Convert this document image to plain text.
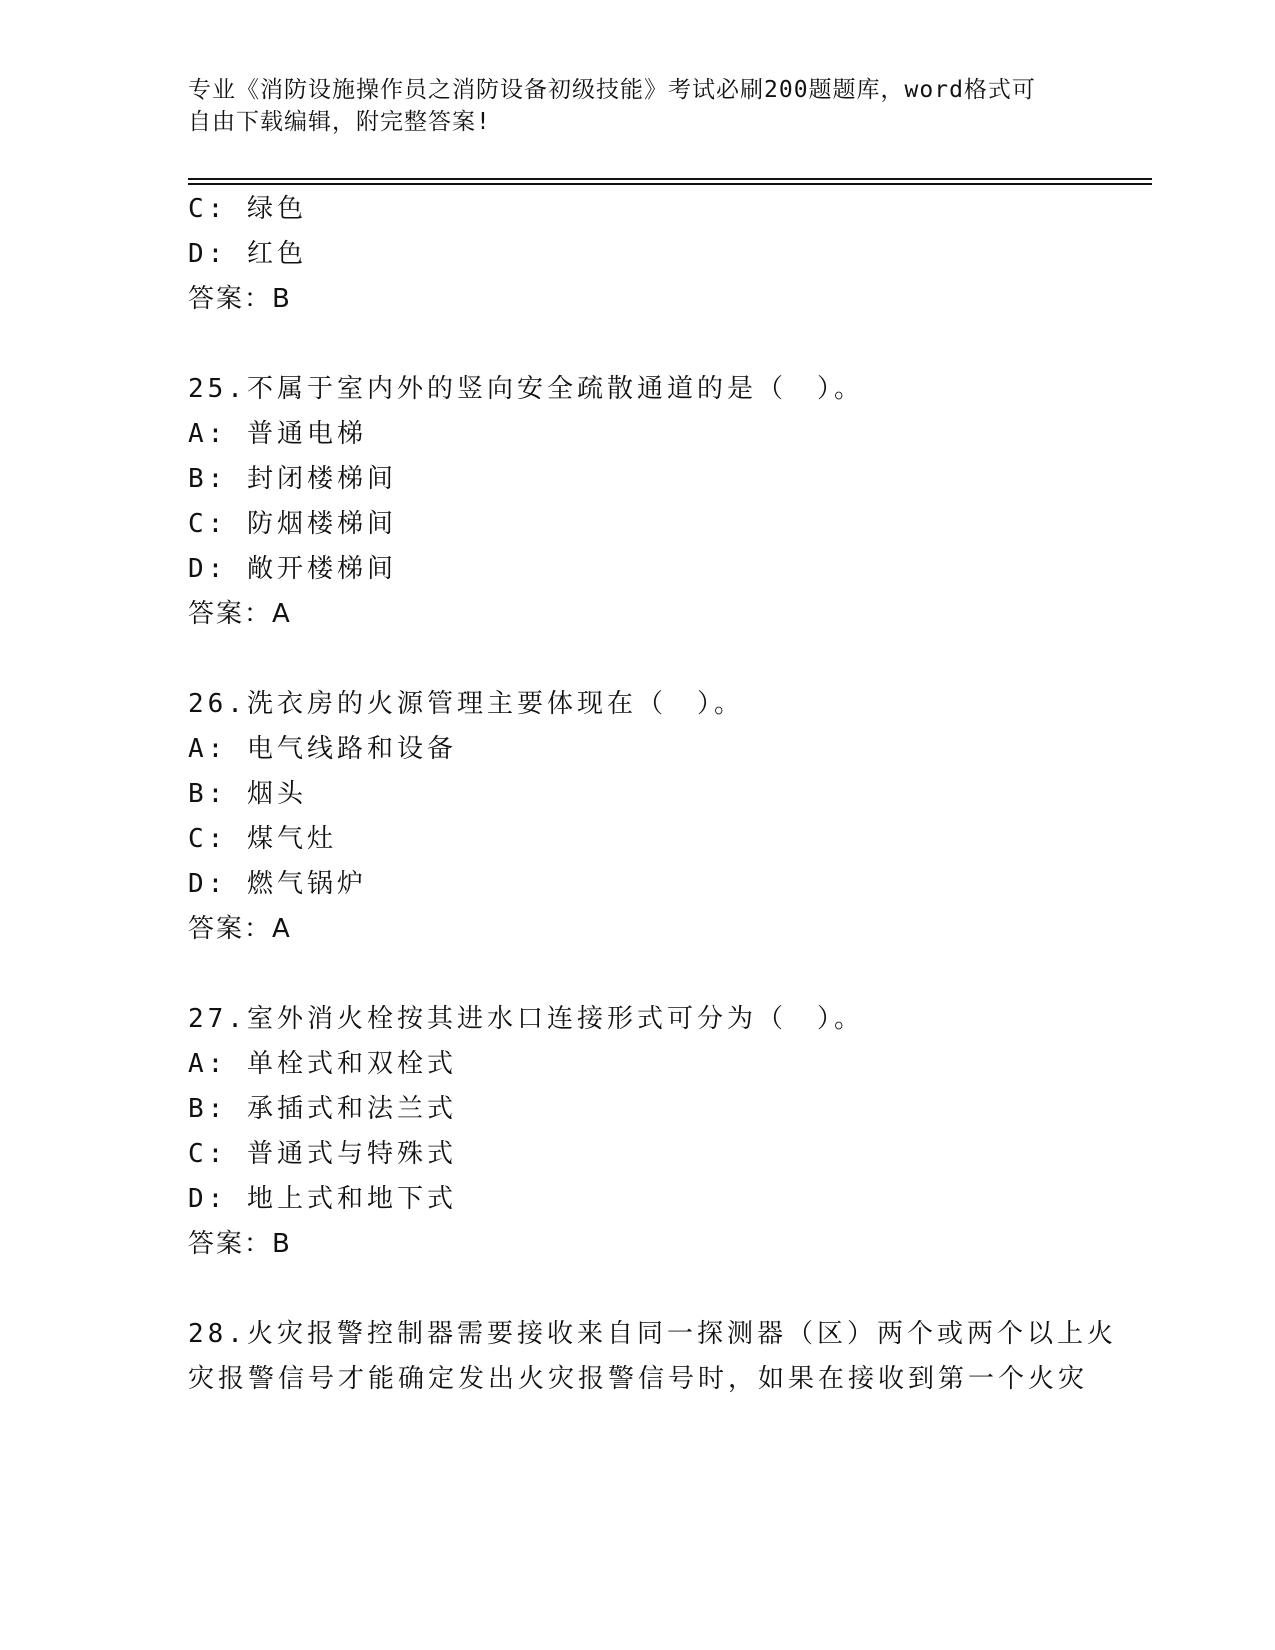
专业《消防设施操作员之消防设备初级技能》考试必刷200题题库，word格式可
自由下载编辑，附完整答案!
C: 绿色
D: 红色
答案：B
25.不属于室内外的竖向安全疏散通道的是（　）。
A: 普通电梯
B: 封闭楼梯间
C: 防烟楼梯间
D: 敞开楼梯间
答案：A
26.洗衣房的火源管理主要体现在（　）。
A: 电气线路和设备
B: 烟头
C: 煤气灶
D: 燃气锅炉
答案：A
27.室外消火栓按其进水口连接形式可分为（　）。
A: 单栓式和双栓式
B: 承插式和法兰式
C: 普通式与特殊式
D: 地上式和地下式
答案：B
28.火灾报警控制器需要接收来自同一探测器（区）两个或两个以上火
灾报警信号才能确定发出火灾报警信号时，如果在接收到第一个火灾
